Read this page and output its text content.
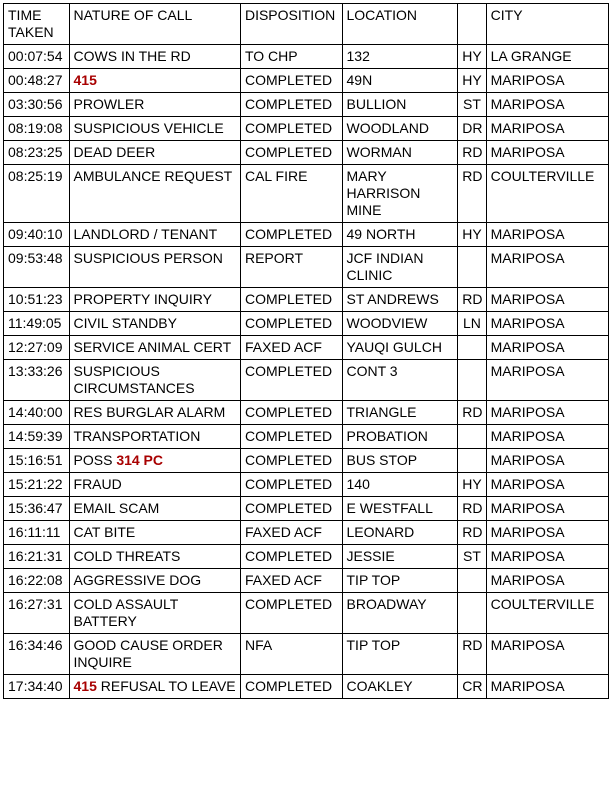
TIME TAKEN	NATURE OF CALL	DISPOSITION	LOCATION		CITY
00:07:54	COWS IN THE RD	TO CHP	132	HY	LA GRANGE
00:48:27	415	COMPLETED	49N	HY	MARIPOSA
03:30:56	PROWLER	COMPLETED	BULLION	ST	MARIPOSA
08:19:08	SUSPICIOUS VEHICLE	COMPLETED	WOODLAND	DR	MARIPOSA
08:23:25	DEAD DEER	COMPLETED	WORMAN	RD	MARIPOSA
08:25:19	AMBULANCE REQUEST	CAL FIRE	MARY HARRISON MINE	RD	COULTERVILLE
09:40:10	LANDLORD / TENANT	COMPLETED	49 NORTH	HY	MARIPOSA
09:53:48	SUSPICIOUS PERSON	REPORT	JCF INDIAN CLINIC		MARIPOSA
10:51:23	PROPERTY INQUIRY	COMPLETED	ST ANDREWS	RD	MARIPOSA
11:49:05	CIVIL STANDBY	COMPLETED	WOODVIEW	LN	MARIPOSA
12:27:09	SERVICE ANIMAL CERT	FAXED ACF	YAUQI GULCH		MARIPOSA
13:33:26	SUSPICIOUS CIRCUMSTANCES	COMPLETED	CONT 3		MARIPOSA
14:40:00	RES BURGLAR ALARM	COMPLETED	TRIANGLE	RD	MARIPOSA
14:59:39	TRANSPORTATION	COMPLETED	PROBATION		MARIPOSA
15:16:51	POSS 314 PC	COMPLETED	BUS STOP		MARIPOSA
15:21:22	FRAUD	COMPLETED	140	HY	MARIPOSA
15:36:47	EMAIL SCAM	COMPLETED	E WESTFALL	RD	MARIPOSA
16:11:11	CAT BITE	FAXED ACF	LEONARD	RD	MARIPOSA
16:21:31	COLD THREATS	COMPLETED	JESSIE	ST	MARIPOSA
16:22:08	AGGRESSIVE DOG	FAXED ACF	TIP TOP		MARIPOSA
16:27:31	COLD ASSAULT BATTERY	COMPLETED	BROADWAY		COULTERVILLE
16:34:46	GOOD CAUSE ORDER INQUIRE	NFA	TIP TOP	RD	MARIPOSA
17:34:40	415 REFUSAL TO LEAVE	COMPLETED	COAKLEY	CR	MARIPOSA
